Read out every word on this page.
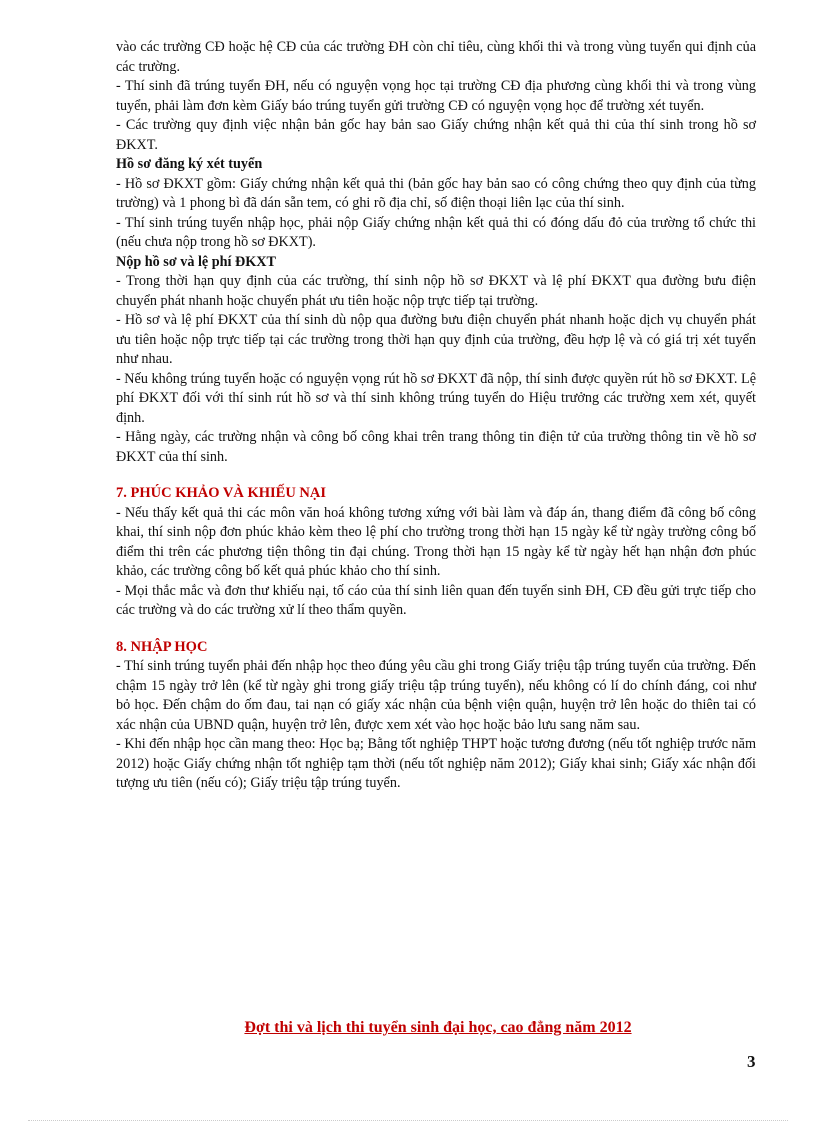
vào các trường CĐ hoặc hệ CĐ của các trường ĐH còn chỉ tiêu, cùng khối thi và trong vùng tuyển qui định của các trường.

- Thí sinh đã trúng tuyển ĐH, nếu có nguyện vọng học tại trường CĐ địa phương cùng khối thi và trong vùng tuyển, phải làm đơn kèm Giấy báo trúng tuyển gửi trường CĐ có nguyện vọng học để trường xét tuyển.

- Các trường quy định việc nhận bản gốc hay bản sao Giấy chứng nhận kết quả thi của thí sinh trong hồ sơ ĐKXT.

Hồ sơ đăng ký xét tuyển

- Hồ sơ ĐKXT gồm: Giấy chứng nhận kết quả thi (bản gốc hay bản sao có công chứng theo quy định của từng trường) và 1 phong bì đã dán sẵn tem, có ghi rõ địa chỉ, số điện thoại liên lạc của thí sinh.

- Thí sinh trúng tuyển nhập học, phải nộp Giấy chứng nhận kết quả thi có đóng dấu đỏ của trường tổ chức thi (nếu chưa nộp trong hồ sơ ĐKXT).

Nộp hồ sơ và lệ phí ĐKXT

- Trong thời hạn quy định của các trường, thí sinh nộp hồ sơ ĐKXT và lệ phí ĐKXT qua đường bưu điện chuyển phát nhanh hoặc chuyển phát ưu tiên hoặc nộp trực tiếp tại trường.

- Hồ sơ và lệ phí ĐKXT của thí sinh dù nộp qua đường bưu điện chuyển phát nhanh hoặc dịch vụ chuyển phát ưu tiên hoặc nộp trực tiếp tại các trường trong thời hạn quy định của trường, đều hợp lệ và có giá trị xét tuyển như nhau.

- Nếu không trúng tuyển hoặc có nguyện vọng rút hồ sơ ĐKXT đã nộp, thí sinh được quyền rút hồ sơ ĐKXT. Lệ phí ĐKXT đối với thí sinh rút hồ sơ và thí sinh không trúng tuyển do Hiệu trưởng các trường xem xét, quyết định.

- Hằng ngày, các trường nhận và công bố công khai trên trang thông tin điện tử của trường thông tin về hồ sơ ĐKXT của thí sinh.

7. PHÚC KHẢO VÀ KHIẾU NẠI

- Nếu thấy kết quả thi các môn văn hoá không tương xứng với bài làm và đáp án, thang điểm đã công bố công khai, thí sinh nộp đơn phúc khảo kèm theo lệ phí cho trường trong thời hạn 15 ngày kể từ ngày trường công bố điểm thi trên các phương tiện thông tin đại chúng. Trong thời hạn 15 ngày kể từ ngày hết hạn nhận đơn phúc khảo, các trường công bố kết quả phúc khảo cho thí sinh.

- Mọi thắc mắc và đơn thư khiếu nại, tố cáo của thí sinh liên quan đến tuyển sinh ĐH, CĐ đều gửi trực tiếp cho các trường và do các trường xử lí theo thẩm quyền.

8. NHẬP HỌC

- Thí sinh trúng tuyển phải đến nhập học theo đúng yêu cầu ghi trong Giấy triệu tập trúng tuyển của trường. Đến chậm 15 ngày trở lên (kể từ ngày ghi trong giấy triệu tập trúng tuyển), nếu không có lí do chính đáng, coi như bỏ học. Đến chậm do ốm đau, tai nạn có giấy xác nhận của bệnh viện quận, huyện trở lên hoặc do thiên tai có xác nhận của UBND quận, huyện trở lên, được xem xét vào học hoặc bảo lưu sang năm sau.

- Khi đến nhập học cần mang theo: Học bạ; Bằng tốt nghiệp THPT hoặc tương đương (nếu tốt nghiệp trước năm 2012) hoặc Giấy chứng nhận tốt nghiệp tạm thời (nếu tốt nghiệp năm 2012); Giấy khai sinh; Giấy xác nhận đối tượng ưu tiên (nếu có); Giấy triệu tập trúng tuyển.

Đợt thi và lịch thi tuyển sinh đại học, cao đẳng năm 2012
3
